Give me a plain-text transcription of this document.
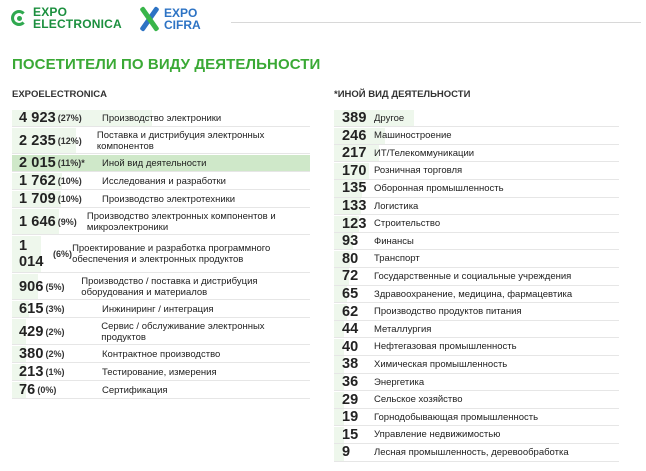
EXPO
ELECTRONICA
EXPO
CIFRA
ПОСЕТИТЕЛИ ПО ВИДУ ДЕЯТЕЛЬНОСТИ
EXPOELECTRONICA	*ИНОЙ ВИД ДЕЯТЕЛЬНОСТИ
4 923 (27%) Производство электроники
2 235 (12%) Поставка и дистрибуция электронных компонентов
2 015 (11%)* Иной вид деятельности
1 762 (10%) Исследования и разработки
1 709 (10%) Производство электротехники
1 646 (9%) Производство электронных компонентов и микроэлектроники
1 014	(6%) Проектирование и разработка программного обеспечения и электронных продуктов
906 (5%) Производство / поставка и дистрибуция оборудования и материалов
615 (3%)	Инжиниринг / интеграция
429 (2%)	Сервис / обслуживание электронных продуктов
380 (2%)	Контрактное производство
213 (1%)	Тестирование, измерения
76 (0%)	Сертификация
389 Другое
246 Машиностроение
217 ИТ/Телекоммуникации
170 Розничная торговля
135 Оборонная промышленность
133 Логистика
123 Строительство
93 Финансы
80 Транспорт
72 Государственные и социальные учреждения
65 Здравоохранение, медицина, фармацевтика
62 Производство продуктов питания
44 Металлургия
40 Нефтегазовая промышленность
38 Химическая промышленность
36 Энергетика
29 Сельское хозяйство
19 Горнодобывающая промышленность
15 Управление недвижимостью
9	Лесная промышленность, деревообработка
